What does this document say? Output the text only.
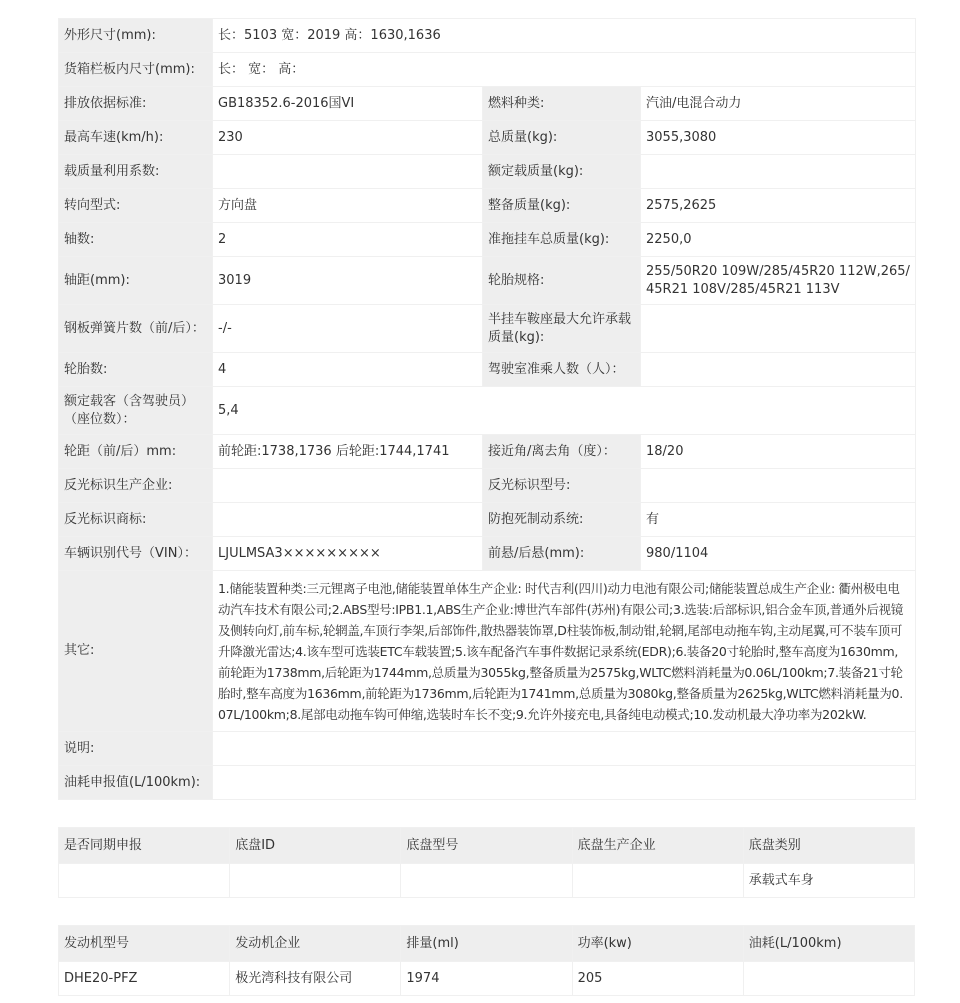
外形尺寸(mm):	长：5103 宽：2019 高：1630,1636		
货箱栏板内尺寸(mm):	长： 宽： 高：		
排放依据标准:	GB18352.6-2016国VI	燃料种类:	汽油/电混合动力
最高车速(km/h):	230	总质量(kg):	3055,3080
载质量利用系数:		额定载质量(kg):	
转向型式:	方向盘	整备质量(kg):	2575,2625
轴数:	2	准拖挂车总质量(kg):	2250,0
轴距(mm):	3019	轮胎规格:	255/50R20 109W/285/45R20 112W,265/45R21 108V/285/45R21 113V
钢板弹簧片数（前/后）：	-/-	半挂车鞍座最大允许承载质量(kg):	
轮胎数:	4	驾驶室准乘人数（人）：	
额定载客（含驾驶员）（座位数）：	5,4		
轮距（前/后）mm:	前轮距:1738,1736 后轮距:1744,1741	接近角/离去角（度）：	18/20
反光标识生产企业:		反光标识型号:	
反光标识商标:		防抱死制动系统:	有
车辆识别代号（VIN）：	LJULMSA3×××××××××	前悬/后悬(mm):	980/1104
其它:	1.储能装置种类:三元锂离子电池,储能装置单体生产企业: 时代吉利(四川)动力电池有限公司;储能装置总成生产企业: 衢州极电电动汽车技术有限公司;2.ABS型号:IPB1.1,ABS生产企业:博世汽车部件(苏州)有限公司;3.选装:后部标识,铝合金车顶,普通外后视镜及侧转向灯,前车标,轮辋盖,车顶行李架,后部饰件,散热器装饰罩,D柱装饰板,制动钳,轮辋,尾部电动拖车钩,主动尾翼,可不装车顶可升降激光雷达;4.该车型可选装ETC车载装置;5.该车配备汽车事件数据记录系统(EDR);6.装备20寸轮胎时,整车高度为1630mm,前轮距为1738mm,后轮距为1744mm,总质量为3055kg,整备质量为2575kg,WLTC燃料消耗量为0.06L/100km;7.装备21寸轮胎时,整车高度为1636mm,前轮距为1736mm,后轮距为1741mm,总质量为3080kg,整备质量为2625kg,WLTC燃料消耗量为0.07L/100km;8.尾部电动拖车钩可伸缩,选装时车长不变;9.允许外接充电,具备纯电动模式;10.发动机最大净功率为202kW.		
说明:			
油耗申报值(L/100km):			
是否同期申报	底盘ID	底盘型号	底盘生产企业	底盘类别
				承载式车身
发动机型号	发动机企业	排量(ml)	功率(kw)	油耗(L/100km)
DHE20-PFZ	极光湾科技有限公司	1974	205	
